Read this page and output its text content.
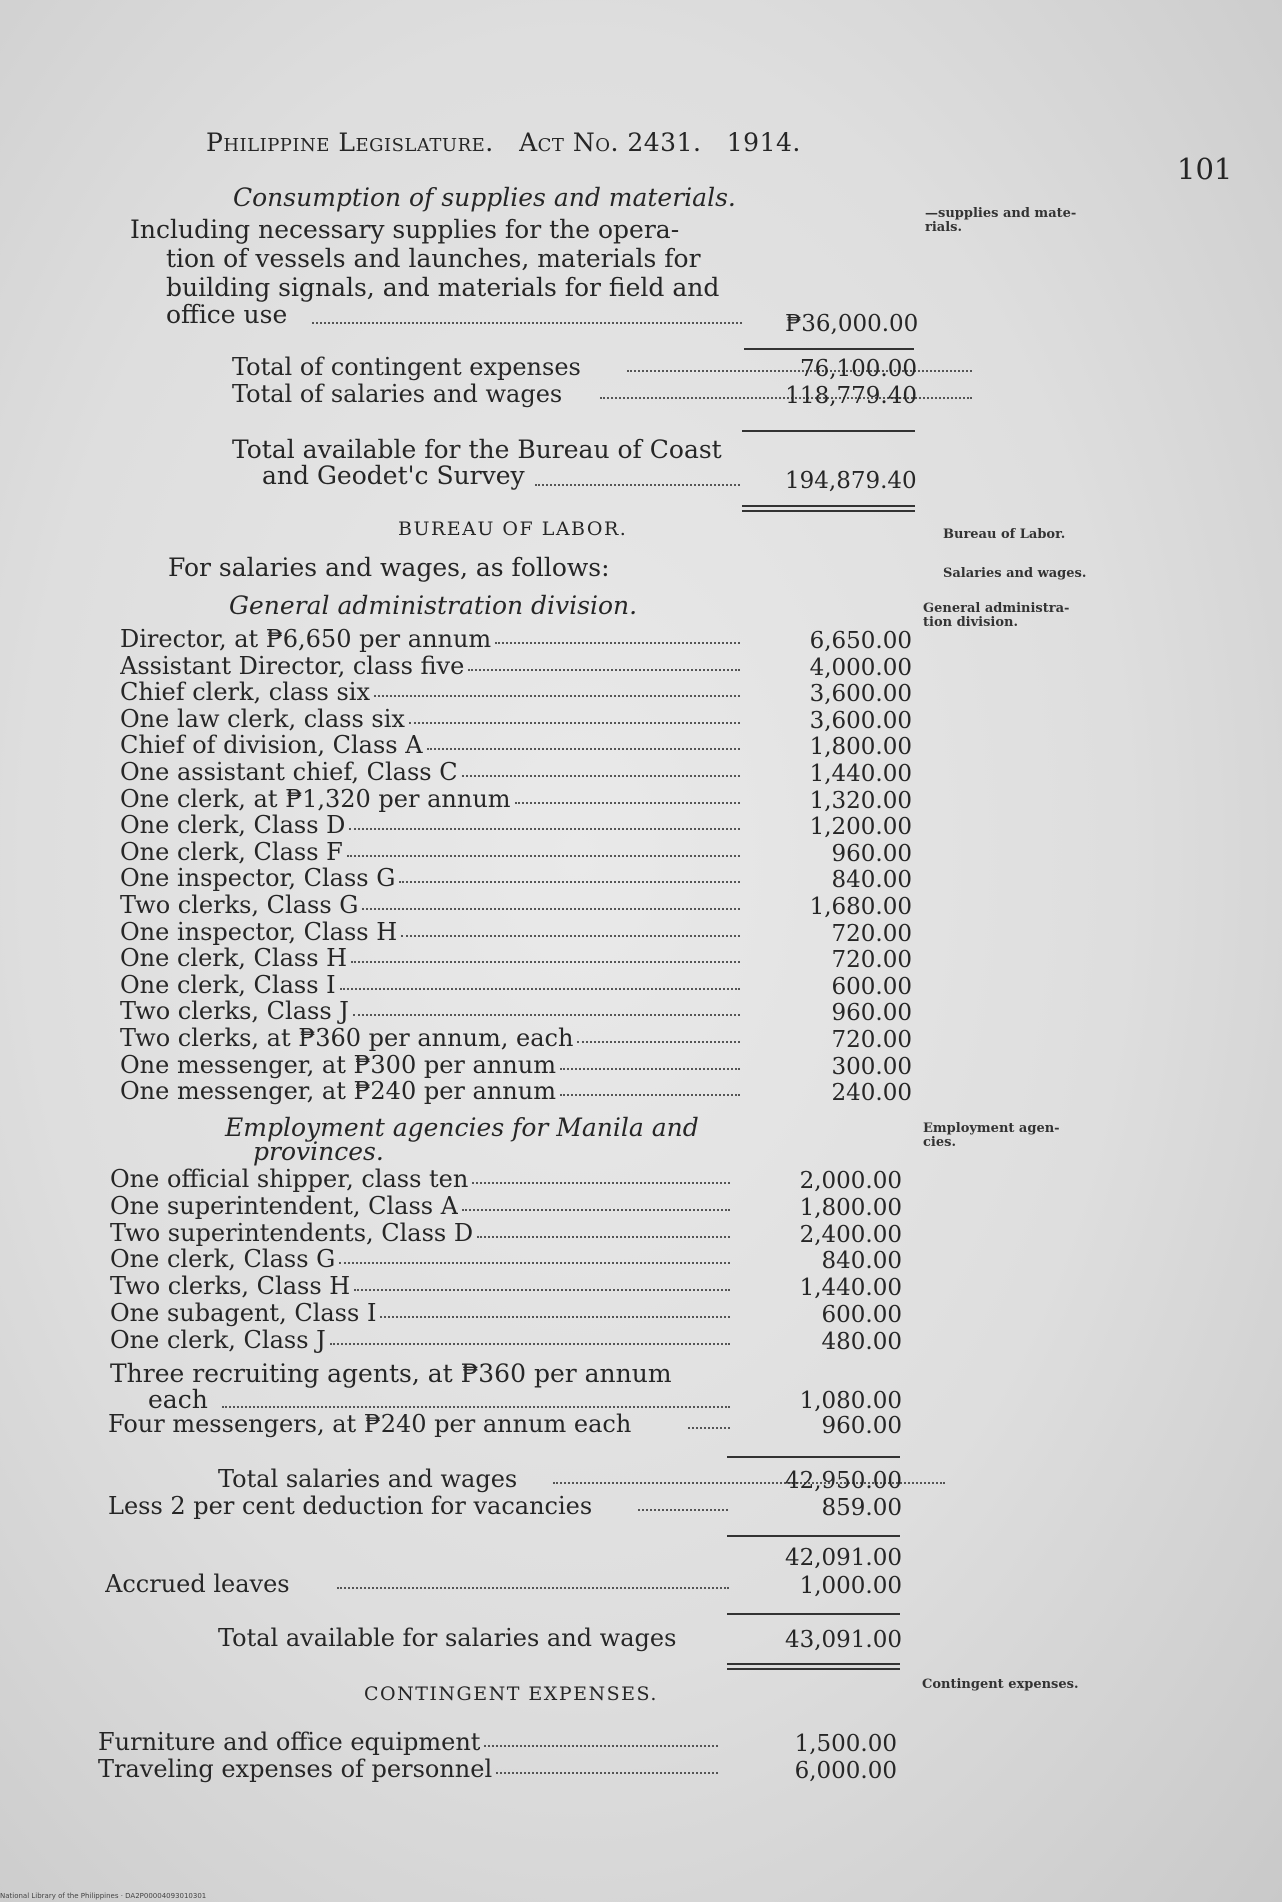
Philippine Legislature. Act No. 2431. 1914.
101
Consumption of supplies and materials.
Including necessary supplies for the opera-
tion of vessels and launches, materials for
building signals, and materials for field and
office use	₱36,000.00
—supplies and mate-
rials.
Total of contingent expenses	76,100.00
Total of salaries and wages	118,779.40
Total available for the Bureau of Coast
and Geodet'c Survey	194,879.40
BUREAU OF LABOR.	Bureau of Labor.
For salaries and wages, as follows:	Salaries and wages.
General administration division.	General administra-
tion division.
Director, at ₱6,650 per annum	6,650.00
Assistant Director, class five	4,000.00
Chief clerk, class six	3,600.00
One law clerk, class six	3,600.00
Chief of division, Class A	1,800.00
One assistant chief, Class C	1,440.00
One clerk, at ₱1,320 per annum	1,320.00
One clerk, Class D	1,200.00
One clerk, Class F	960.00
One inspector, Class G	840.00
Two clerks, Class G	1,680.00
One inspector, Class H	720.00
One clerk, Class H	720.00
One clerk, Class I	600.00
Two clerks, Class J	960.00
Two clerks, at ₱360 per annum, each	720.00
One messenger, at ₱300 per annum	300.00
One messenger, at ₱240 per annum	240.00
Employment agencies for Manila and
provinces.
Employment agen-
cies.
One official shipper, class ten	2,000.00
One superintendent, Class A	1,800.00
Two superintendents, Class D	2,400.00
One clerk, Class G	840.00
Two clerks, Class H	1,440.00
One subagent, Class I	600.00
One clerk, Class J	480.00
Three recruiting agents, at ₱360 per annum
each	1,080.00
Four messengers, at ₱240 per annum each	960.00
Total salaries and wages	42,950.00
Less 2 per cent deduction for vacancies	859.00
42,091.00
Accrued leaves	1,000.00
Total available for salaries and wages	43,091.00
CONTINGENT EXPENSES.	Contingent expenses.
Furniture and office equipment	1,500.00
Traveling expenses of personnel	6,000.00
National Library of the Philippines · DA2P00004093010301
